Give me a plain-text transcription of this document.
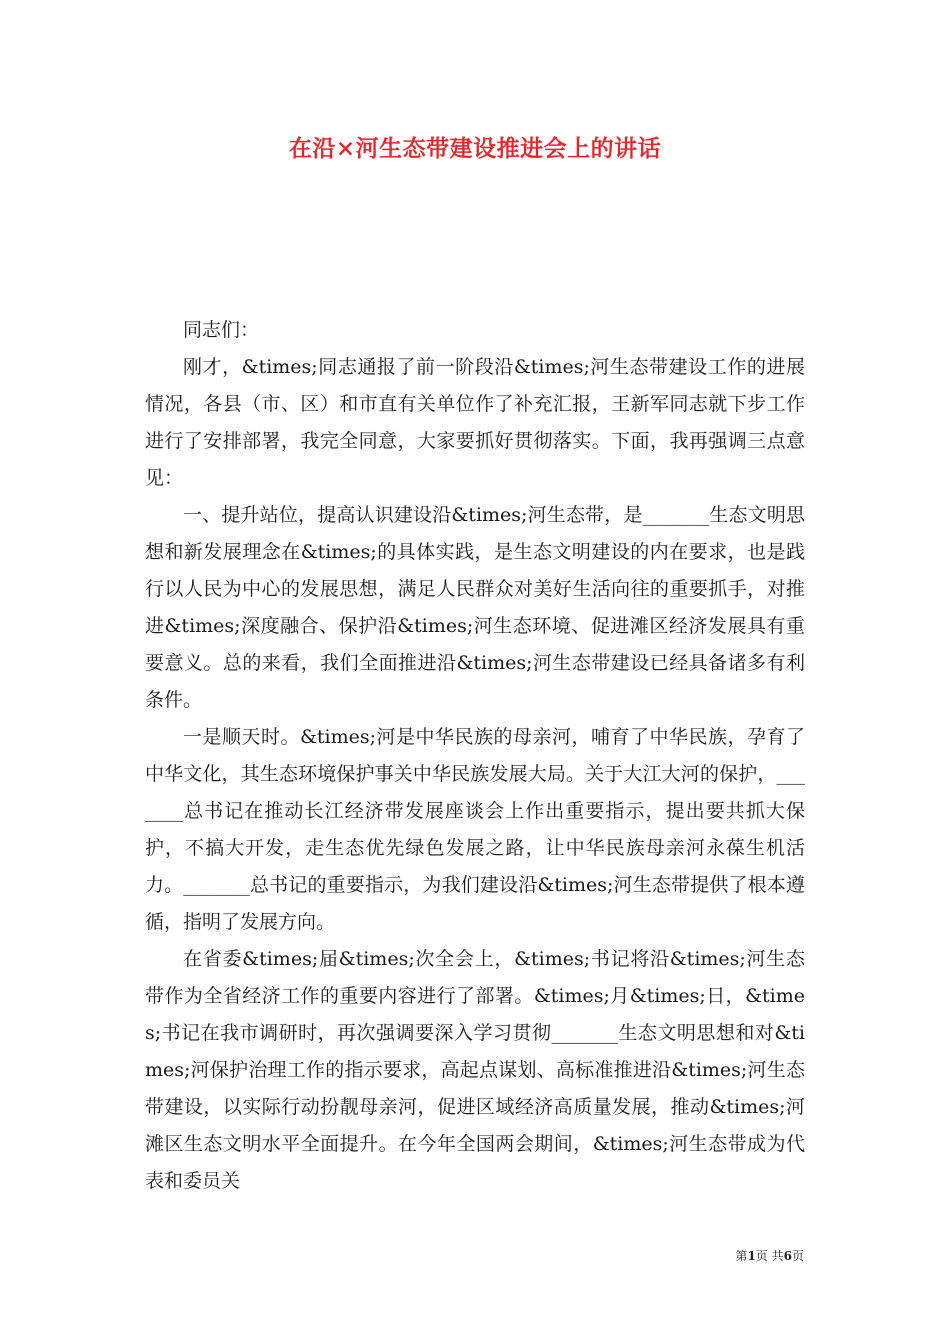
在沿×河生态带建设推进会上的讲话

同志们：

刚才，&times;同志通报了前一阶段沿&times;河生态带建设工作的进展情况，各县（市、区）和市直有关单位作了补充汇报，王新军同志就下步工作进行了安排部署，我完全同意，大家要抓好贯彻落实。下面，我再强调三点意见：

一、提升站位，提高认识建设沿&times;河生态带，是_______生态文明思想和新发展理念在&times;的具体实践，是生态文明建设的内在要求，也是践行以人民为中心的发展思想，满足人民群众对美好生活向往的重要抓手，对推进&times;深度融合、保护沿&times;河生态环境、促进滩区经济发展具有重要意义。总的来看，我们全面推进沿&times;河生态带建设已经具备诸多有利条件。

一是顺天时。&times;河是中华民族的母亲河，哺育了中华民族，孕育了中华文化，其生态环境保护事关中华民族发展大局。关于大江大河的保护，_______总书记在推动长江经济带发展座谈会上作出重要指示，提出要共抓大保护，不搞大开发，走生态优先绿色发展之路，让中华民族母亲河永葆生机活力。_______总书记的重要指示，为我们建设沿&times;河生态带提供了根本遵循，指明了发展方向。

在省委&times;届&times;次全会上，&times;书记将沿&times;河生态带作为全省经济工作的重要内容进行了部署。&times;月&times;日，&times;书记在我市调研时，再次强调要深入学习贯彻_______生态文明思想和对&times;河保护治理工作的指示要求，高起点谋划、高标准推进沿&times;河生态带建设，以实际行动扮靓母亲河，促进区域经济高质量发展，推动&times;河滩区生态文明水平全面提升。在今年全国两会期间，&times;河生态带成为代表和委员关

第1页 共6页
